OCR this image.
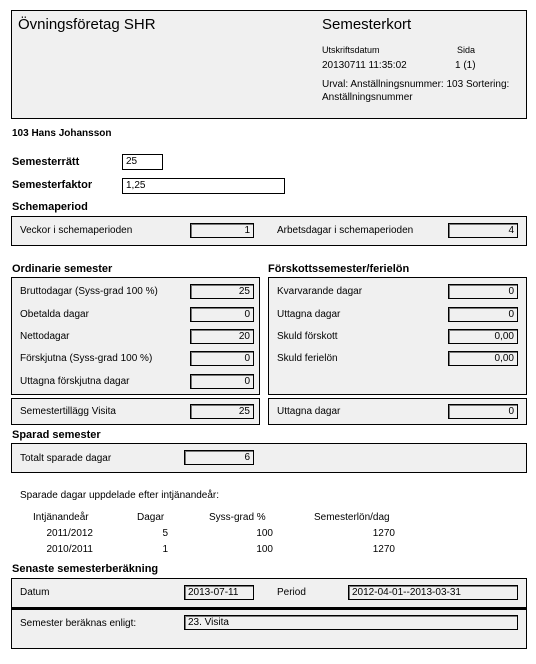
Övningsföretag SHR	Semesterkort
Utskriftsdatum	Sida
20130711 11:35:02	1 (1)
Urval: Anställningsnummer: 103 Sortering:
Anställningsnummer
103 Hans Johansson
Semesterrätt	25
Semesterfaktor	1,25
Schemaperiod
Veckor i schemaperioden	1	Arbetsdagar i schemaperioden	4
Ordinarie semester
Bruttodagar (Syss-grad 100 %)	25
Obetalda dagar	0
Nettodagar	20
Förskjutna (Syss-grad 100 %)	0
Uttagna förskjutna dagar	0
Förskottssemester/ferielön
Kvarvarande dagar	0
Uttagna dagar	0
Skuld förskott	0,00
Skuld ferielön	0,00
Semestertillägg Visita	25	Uttagna dagar	0
Sparad semester
Totalt sparade dagar	6
Sparade dagar uppdelade efter intjänandeår:
Intjänandeår	Dagar	Syss-grad %	Semesterlön/dag
2011/2012	5	100	1270
2010/2011	1	100	1270
Senaste semesterberäkning
Datum	2013-07-11	Period	2012-04-01--2013-03-31
Semester beräknas enligt:	23. Visita
